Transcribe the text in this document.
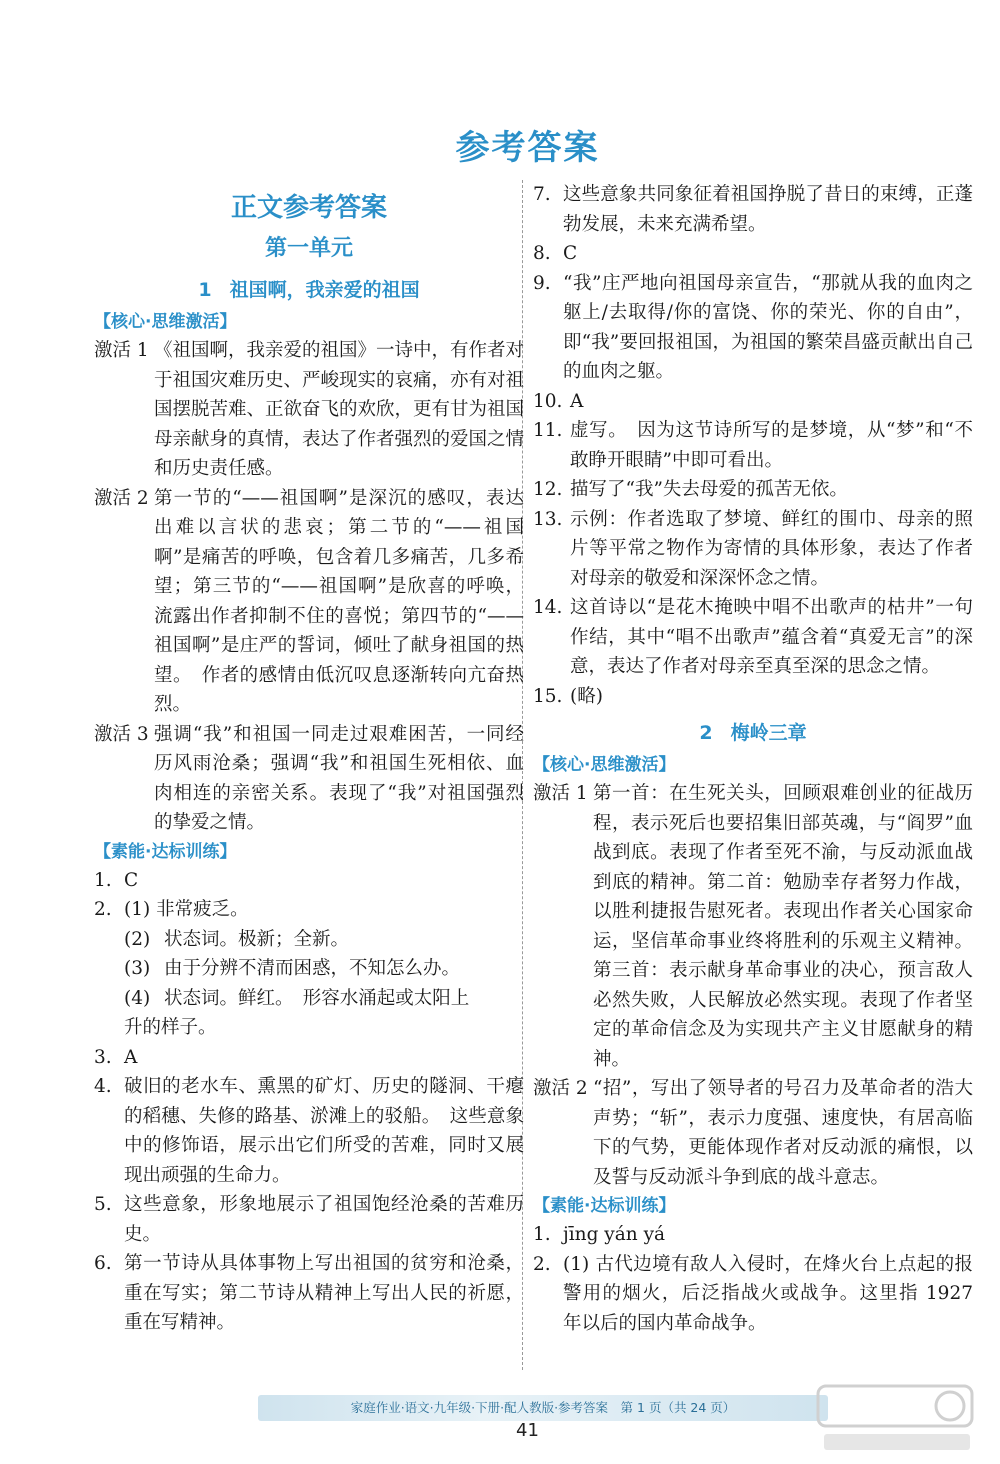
参考答案
正文参考答案
第一单元
1 祖国啊，我亲爱的祖国
【核心·思维激活】
激活 1 《祖国啊，我亲爱的祖国》一诗中，有作者对于祖国灾难历史、严峻现实的哀痛，亦有对祖国摆脱苦难、正欲奋飞的欢欣，更有甘为祖国母亲献身的真情，表达了作者强烈的爱国之情和历史责任感。
激活 2 第一节的“——祖国啊”是深沉的感叹，表达出难以言状的悲哀；第二节的“——祖国啊”是痛苦的呼唤，包含着几多痛苦，几多希望；第三节的“——祖国啊”是欣喜的呼唤，流露出作者抑制不住的喜悦；第四节的“——祖国啊”是庄严的誓词，倾吐了献身祖国的热望。　作者的感情由低沉叹息逐渐转向亢奋热烈。
激活 3 强调“我”和祖国一同走过艰难困苦，一同经历风雨沧桑；强调“我”和祖国生死相依、血肉相连的亲密关系。表现了“我”对祖国强烈的挚爱之情。
【素能·达标训练】
1. C
2. (1) 非常疲乏。
(2) 状态词。极新；全新。
(3) 由于分辨不清而困惑，不知怎么办。
(4) 状态词。鲜红。　形容水涌起或太阳上
升的样子。
3. A
4. 破旧的老水车、熏黑的矿灯、历史的隧洞、干瘪的稻穗、失修的路基、淤滩上的驳船。　这些意象中的修饰语，展示出它们所受的苦难，同时又展现出顽强的生命力。
5. 这些意象，形象地展示了祖国饱经沧桑的苦难历史。
6. 第一节诗从具体事物上写出祖国的贫穷和沧桑，重在写实；第二节诗从精神上写出人民的祈愿，重在写精神。
7. 这些意象共同象征着祖国挣脱了昔日的束缚，正蓬勃发展，未来充满希望。
8. C
9. “我”庄严地向祖国母亲宣告，“那就从我的血肉之躯上/去取得/你的富饶、你的荣光、你的自由”，即“我”要回报祖国，为祖国的繁荣昌盛贡献出自己的血肉之躯。
10. A
11. 虚写。　因为这节诗所写的是梦境，从“梦”和“不敢睁开眼睛”中即可看出。
12. 描写了“我”失去母爱的孤苦无依。
13. 示例：作者选取了梦境、鲜红的围巾、母亲的照片等平常之物作为寄情的具体形象，表达了作者对母亲的敬爱和深深怀念之情。
14. 这首诗以“是花木掩映中唱不出歌声的枯井”一句作结，其中“唱不出歌声”蕴含着“真爱无言”的深意，表达了作者对母亲至真至深的思念之情。
15. (略)
2 梅岭三章
【核心·思维激活】
激活 1 第一首：在生死关头，回顾艰难创业的征战历程，表示死后也要招集旧部英魂，与“阎罗”血战到底。表现了作者至死不渝，与反动派血战到底的精神。第二首：勉励幸存者努力作战，以胜利捷报告慰死者。表现出作者关心国家命运，坚信革命事业终将胜利的乐观主义精神。第三首：表示献身革命事业的决心，预言敌人必然失败，人民解放必然实现。表现了作者坚定的革命信念及为实现共产主义甘愿献身的精神。
激活 2 “招”，写出了领导者的号召力及革命者的浩大声势；“斩”，表示力度强、速度快，有居高临下的气势，更能体现作者对反动派的痛恨，以及誓与反动派斗争到底的战斗意志。
【素能·达标训练】
1. jīng yán yá
2. (1) 古代边境有敌人入侵时，在烽火台上点起的报警用的烟火，后泛指战火或战争。这里指 1927 年以后的国内革命战争。
家庭作业·语文·九年级·下册·配人教版·参考答案　第 1 页（共 24 页）
41
